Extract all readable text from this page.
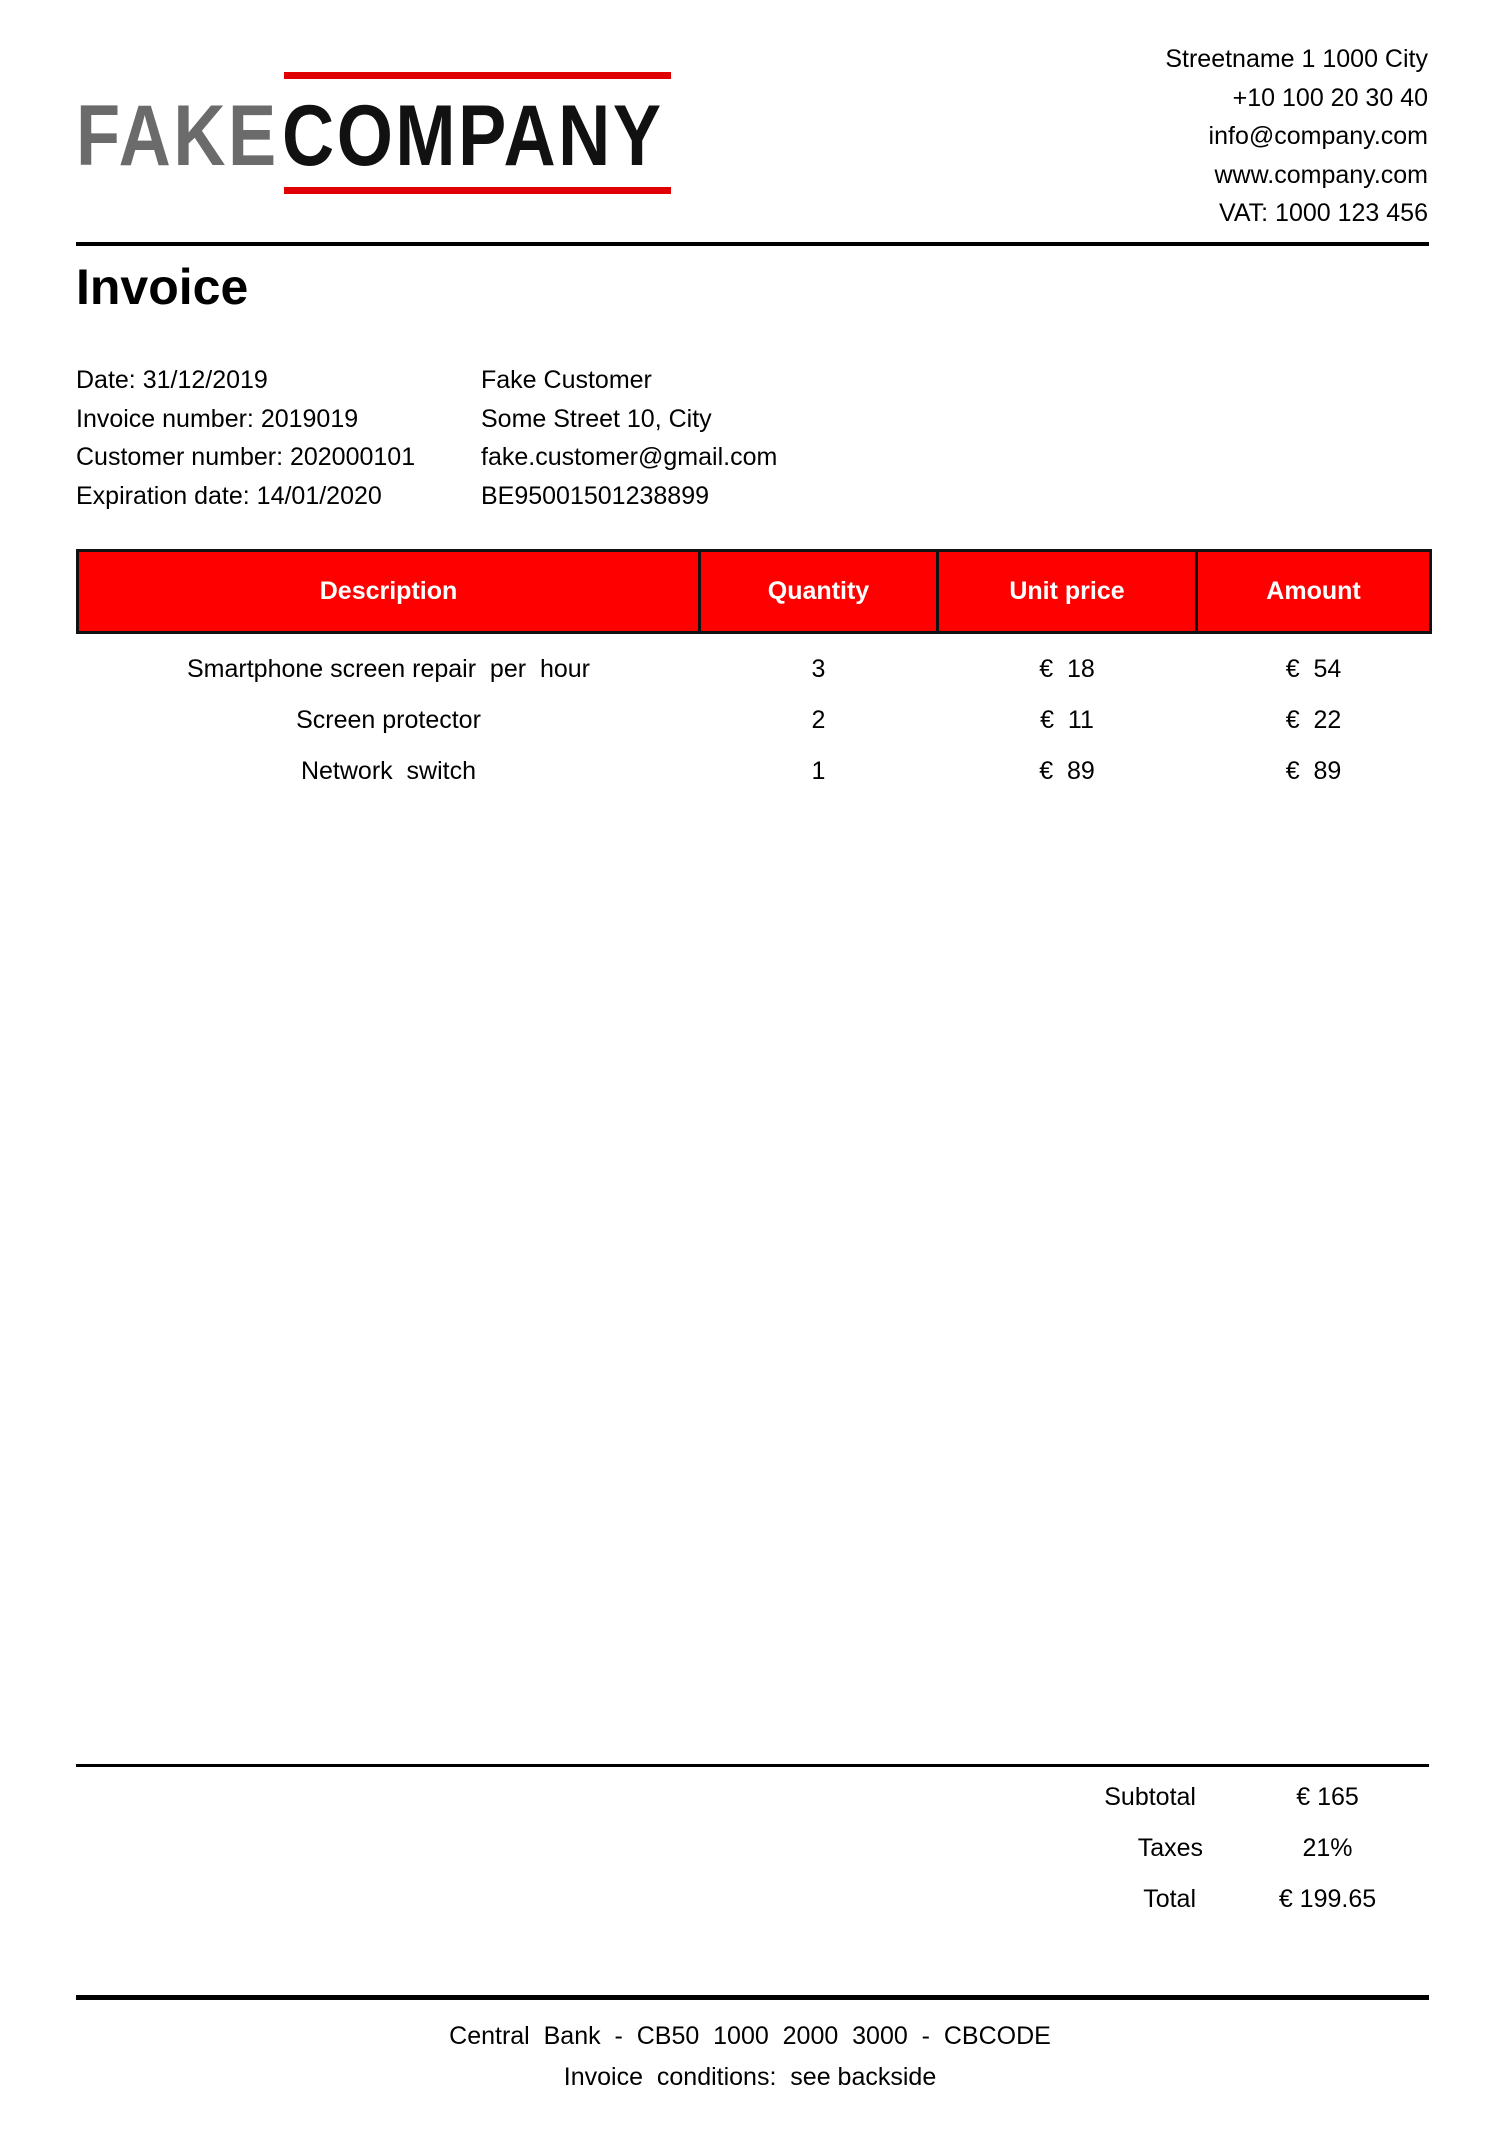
FAKE COMPANY
Streetname 1 1000 City
+10 100 20 30 40
info@company.com
www.company.com
VAT: 1000 123 456
Invoice
Date: 31/12/2019
Invoice number: 2019019
Customer number: 202000101
Expiration date: 14/01/2020
Fake Customer
Some Street 10, City
fake.customer@gmail.com
BE95001501238899
Description	Quantity	Unit price	Amount
Smartphone screen repair  per  hour	3	€  18	€  54
Screen protector	2	€  11	€  22
Network  switch	1	€  89	€  89
Subtotal	€ 165
Taxes	21%
Total	€ 199.65
Central  Bank  -  CB50  1000  2000  3000  -  CBCODE
Invoice  conditions:  see backside
